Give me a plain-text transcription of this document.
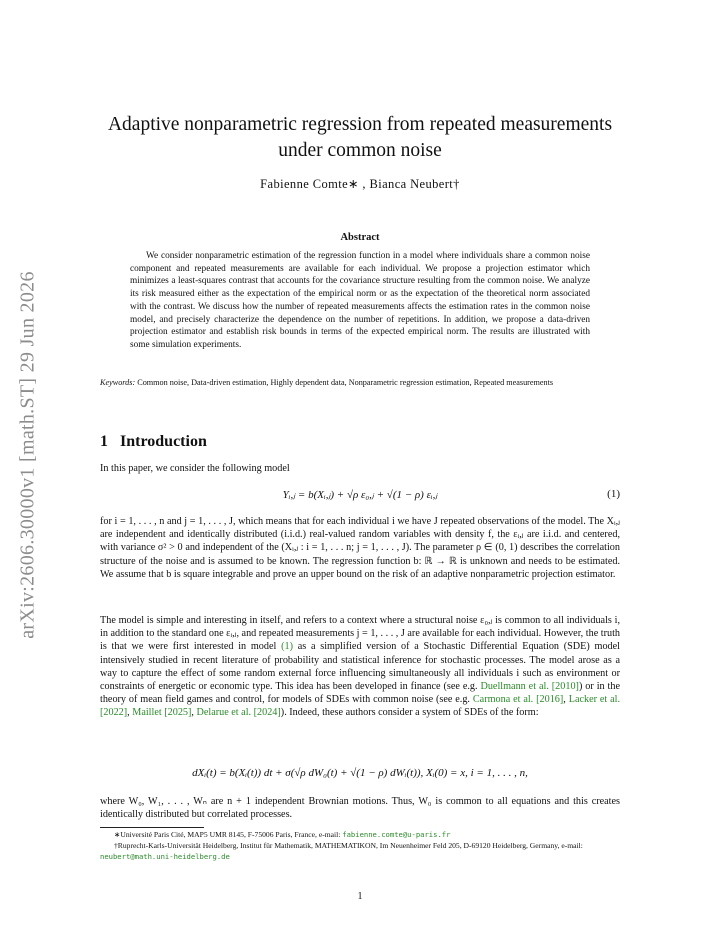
arXiv:2606.30000v1 [math.ST] 29 Jun 2026
Adaptive nonparametric regression from repeated measurements under common noise
Fabienne Comte∗ , Bianca Neubert†
Abstract
We consider nonparametric estimation of the regression function in a model where individuals share a common noise component and repeated measurements are available for each individual. We propose a projection estimator which minimizes a least-squares contrast that accounts for the covariance structure resulting from the common noise. We analyze its risk measured either as the expectation of the empirical norm or as the expectation of the theoretical norm associated with the contrast. We discuss how the number of repeated measurements affects the estimation rates in the common noise model, and precisely characterize the dependence on the number of repetitions. In addition, we propose a data-driven projection estimator and establish risk bounds in terms of the expected empirical norm. The results are illustrated with some simulation experiments.
Keywords: Common noise, Data-driven estimation, Highly dependent data, Nonparametric regression estimation, Repeated measurements
1 Introduction
In this paper, we consider the following model
Yᵢ,ⱼ = b(Xᵢ,ⱼ) + √ρ ε₀,ⱼ + √(1 − ρ) εᵢ,ⱼ	(1)
for i = 1, . . . , n and j = 1, . . . , J, which means that for each individual i we have J repeated observations of the model. The Xᵢ,ⱼ are independent and identically distributed (i.i.d.) real-valued random variables with density f, the εᵢ,ⱼ are i.i.d. and centered, with variance σ² > 0 and independent of the (Xᵢ,ⱼ : i = 1, . . . n; j = 1, . . . , J). The parameter ρ ∈ (0, 1) describes the correlation structure of the noise and is assumed to be known. The regression function b: ℝ → ℝ is unknown and needs to be estimated. We assume that b is square integrable and prove an upper bound on the risk of an adaptive nonparametric projection estimator.
The model is simple and interesting in itself, and refers to a context where a structural noise ε₀,ⱼ is common to all individuals i, in addition to the standard one εᵢ,ⱼ, and repeated measurements j = 1, . . . , J are available for each individual. However, the truth is that we were first interested in model (1) as a simplified version of a Stochastic Differential Equation (SDE) model intensively studied in recent literature of probability and statistical inference for stochastic processes. The model arose as a way to capture the effect of some random external force influencing simultaneously all individuals i such as environment or constraints of energetic or economic type. This idea has been developed in finance (see e.g. Duellmann et al. [2010]) or in the theory of mean field games and control, for models of SDEs with common noise (see e.g. Carmona et al. [2016], Lacker et al. [2022], Maillet [2025], Delarue et al. [2024]). Indeed, these authors consider a system of SDEs of the form:
dXᵢ(t) = b(Xᵢ(t)) dt + σ(√ρ dW₀(t) + √(1 − ρ) dWᵢ(t)), Xᵢ(0) = x, i = 1, . . . , n,
where W₀, W₁, . . . , Wₙ are n + 1 independent Brownian motions. Thus, W₀ is common to all equations and this creates identically distributed but correlated processes.
∗Université Paris Cité, MAP5 UMR 8145, F-75006 Paris, France, e-mail: fabienne.comte@u-paris.fr
†Ruprecht-Karls-Universität Heidelberg, Institut für Mathematik, MATHEMATIKON, Im Neuenheimer Feld 205, D-69120 Heidelberg, Germany, e-mail: neubert@math.uni-heidelberg.de
1
